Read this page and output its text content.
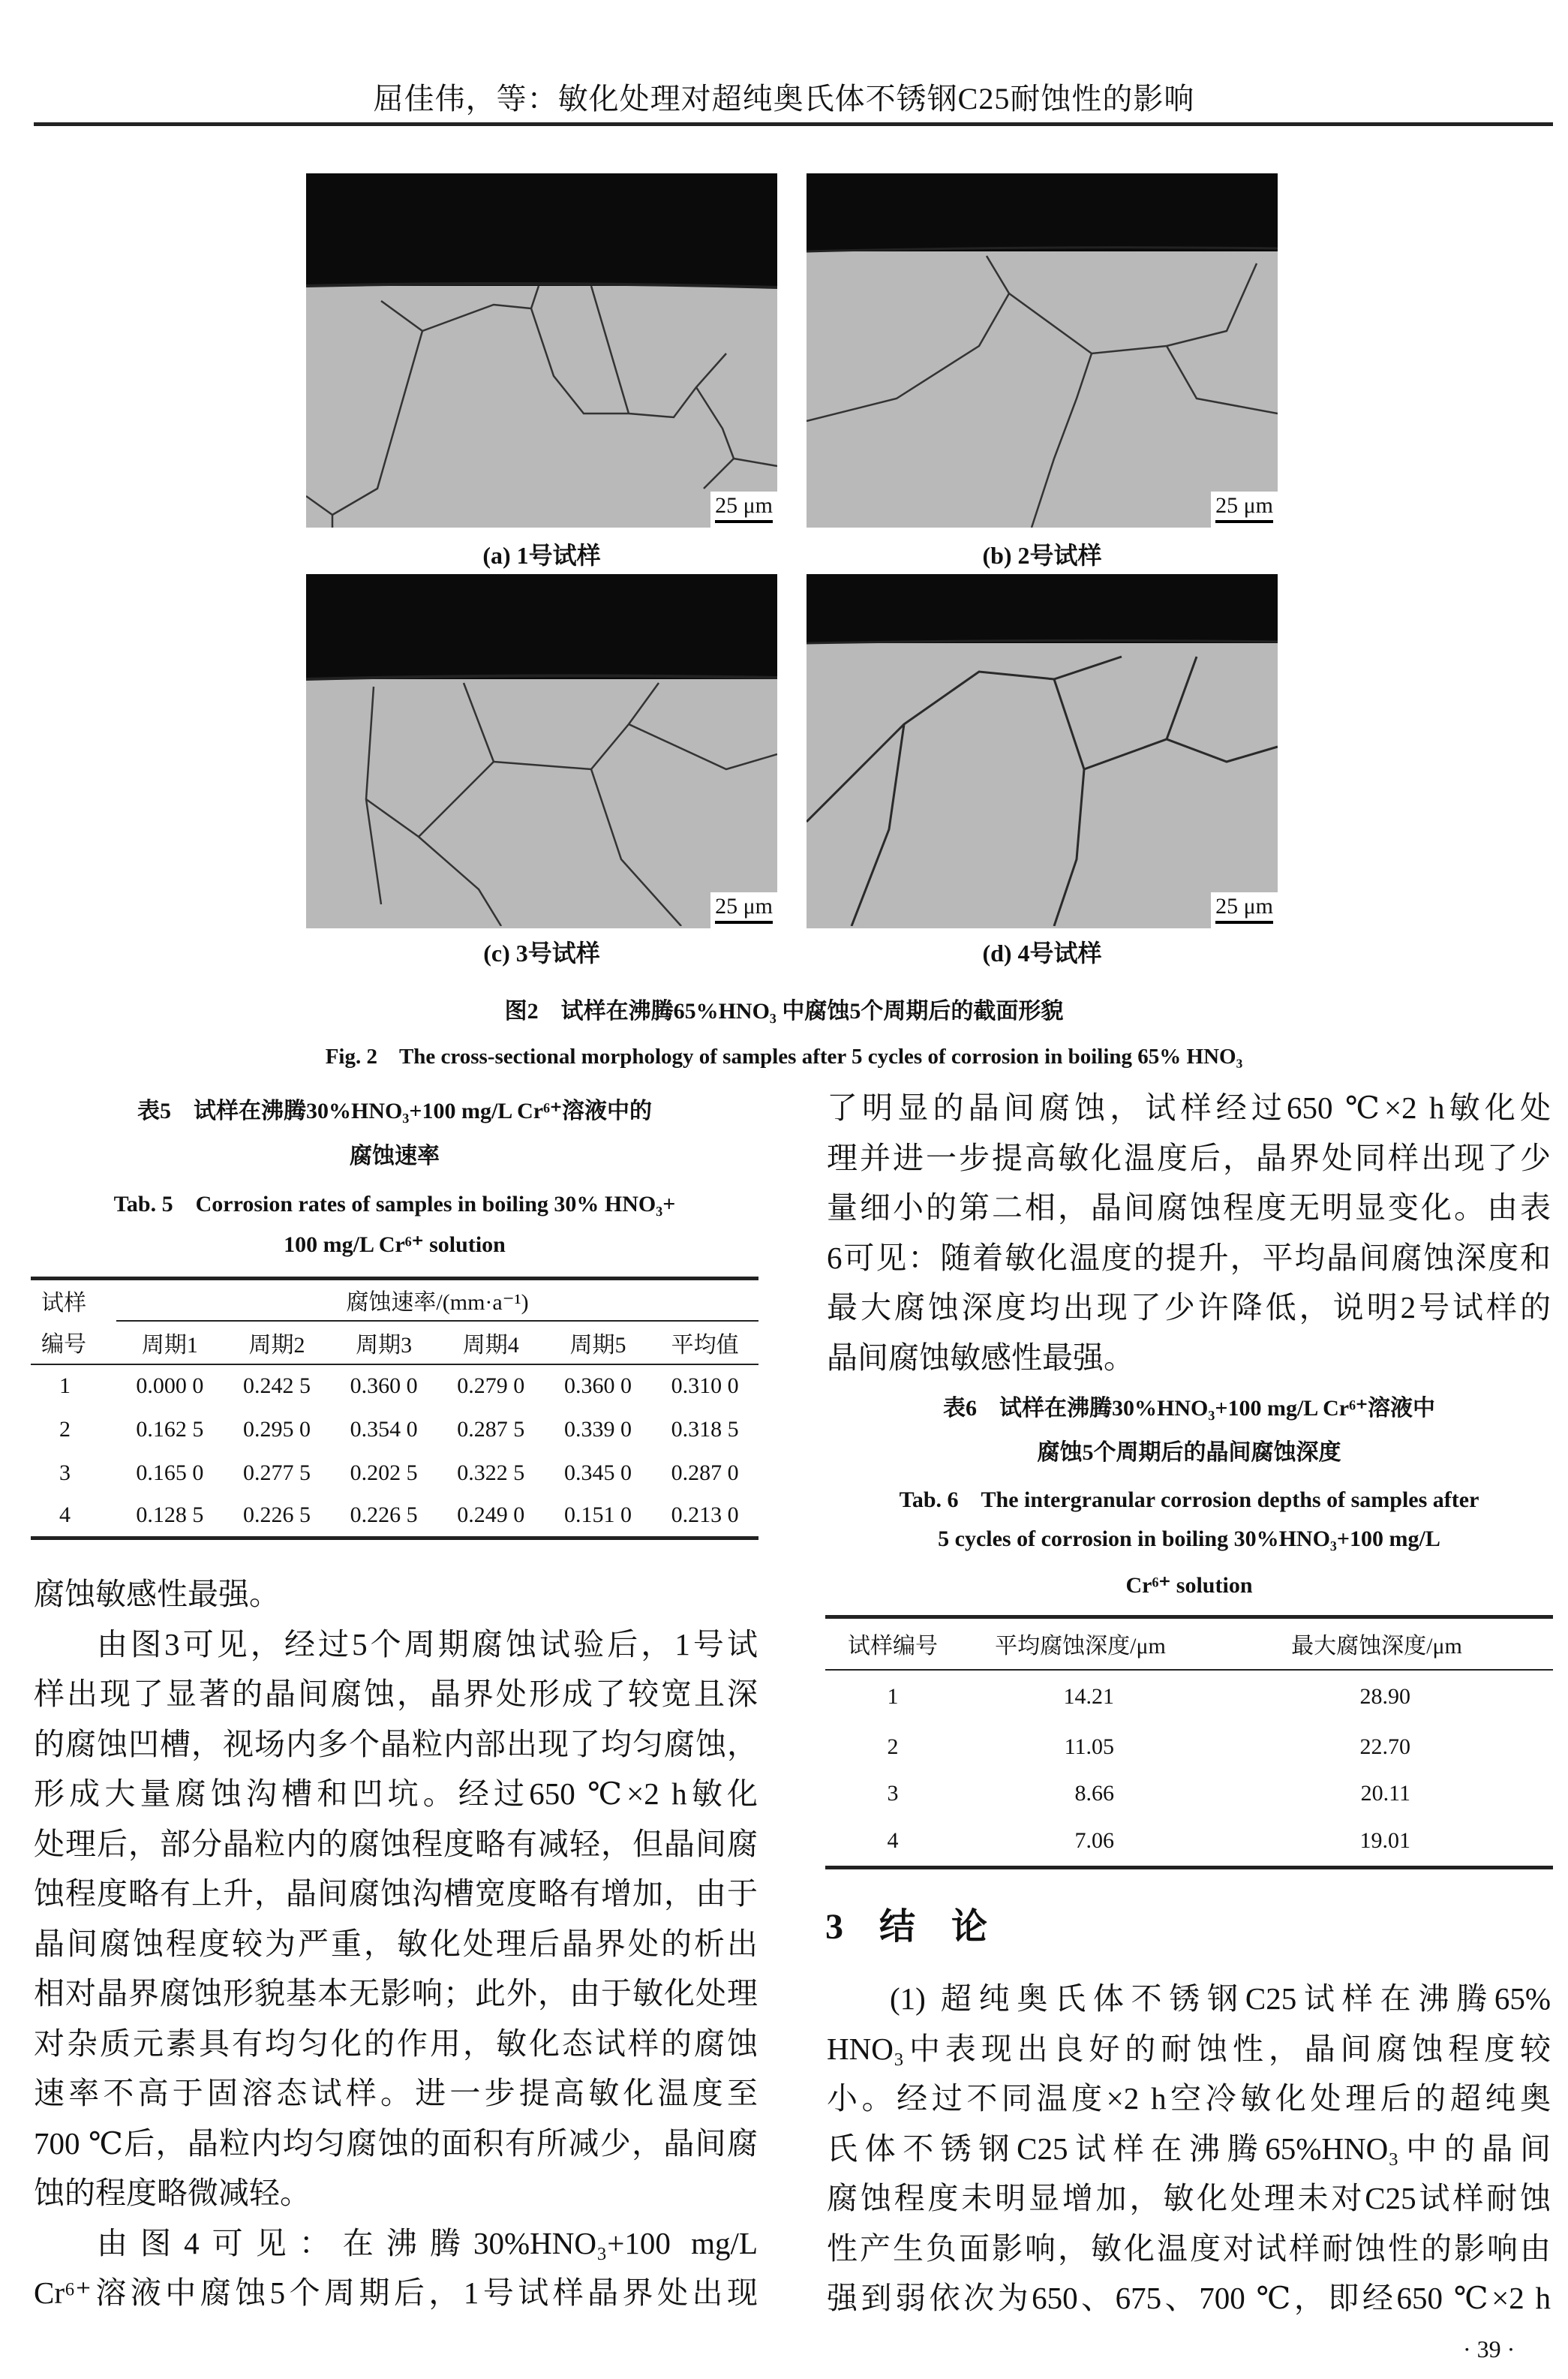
屈佳伟，等：敏化处理对超纯奥氏体不锈钢C25耐蚀性的影响
25 μm
(a) 1号试样
25 μm
(b) 2号试样
25 μm
(c) 3号试样
25 μm
(d) 4号试样
图2　试样在沸腾65%HNO₃ 中腐蚀5个周期后的截面形貌
Fig. 2　The cross-sectional morphology of samples after 5 cycles of corrosion in boiling 65% HNO₃
表5　试样在沸腾30%HNO₃+100 mg/L Cr⁶⁺溶液中的
腐蚀速率
Tab. 5　Corrosion rates of samples in boiling 30% HNO₃+
100 mg/L Cr⁶⁺ solution
试样	腐蚀速率/(mm·a⁻¹)					
编号	周期1	周期2	周期3	周期4	周期5	平均值
1	0.000 0	0.242 5	0.360 0	0.279 0	0.360 0	0.310 0
2	0.162 5	0.295 0	0.354 0	0.287 5	0.339 0	0.318 5
3	0.165 0	0.277 5	0.202 5	0.322 5	0.345 0	0.287 0
4	0.128 5	0.226 5	0.226 5	0.249 0	0.151 0	0.213 0
腐蚀敏感性最强。
由图3可见，经过5个周期腐蚀试验后，1号试
样出现了显著的晶间腐蚀，晶界处形成了较宽且深
的腐蚀凹槽，视场内多个晶粒内部出现了均匀腐蚀，
形成大量腐蚀沟槽和凹坑。经过650 ℃×2 h敏化
处理后，部分晶粒内的腐蚀程度略有减轻，但晶间腐
蚀程度略有上升，晶间腐蚀沟槽宽度略有增加，由于
晶间腐蚀程度较为严重，敏化处理后晶界处的析出
相对晶界腐蚀形貌基本无影响；此外，由于敏化处理
对杂质元素具有均匀化的作用，敏化态试样的腐蚀
速率不高于固溶态试样。进一步提高敏化温度至
700 ℃后，晶粒内均匀腐蚀的面积有所减少，晶间腐
蚀的程度略微减轻。
由图4可见：在沸腾30%HNO₃+100 mg/L
Cr⁶⁺溶液中腐蚀5个周期后，1号试样晶界处出现
了明显的晶间腐蚀，试样经过650 ℃×2 h敏化处
理并进一步提高敏化温度后，晶界处同样出现了少
量细小的第二相，晶间腐蚀程度无明显变化。由表
6可见：随着敏化温度的提升，平均晶间腐蚀深度和
最大腐蚀深度均出现了少许降低，说明2号试样的
晶间腐蚀敏感性最强。
表6　试样在沸腾30%HNO₃+100 mg/L Cr⁶⁺溶液中
腐蚀5个周期后的晶间腐蚀深度
Tab. 6　The intergranular corrosion depths of samples after
5 cycles of corrosion in boiling 30%HNO₃+100 mg/L
Cr⁶⁺ solution
试样编号	平均腐蚀深度/μm	最大腐蚀深度/μm
1	14.21	28.90
2	11.05	22.70
3	8.66	20.11
4	7.06	19.01
3　结　论
(1) 超纯奥氏体不锈钢C25试样在沸腾65%
HNO₃中表现出良好的耐蚀性，晶间腐蚀程度较
小。经过不同温度×2 h空冷敏化处理后的超纯奥
氏体不锈钢C25试样在沸腾65%HNO₃中的晶间
腐蚀程度未明显增加，敏化处理未对C25试样耐蚀
性产生负面影响，敏化温度对试样耐蚀性的影响由
强到弱依次为650、675、700 ℃，即经650 ℃×2 h
· 39 ·
